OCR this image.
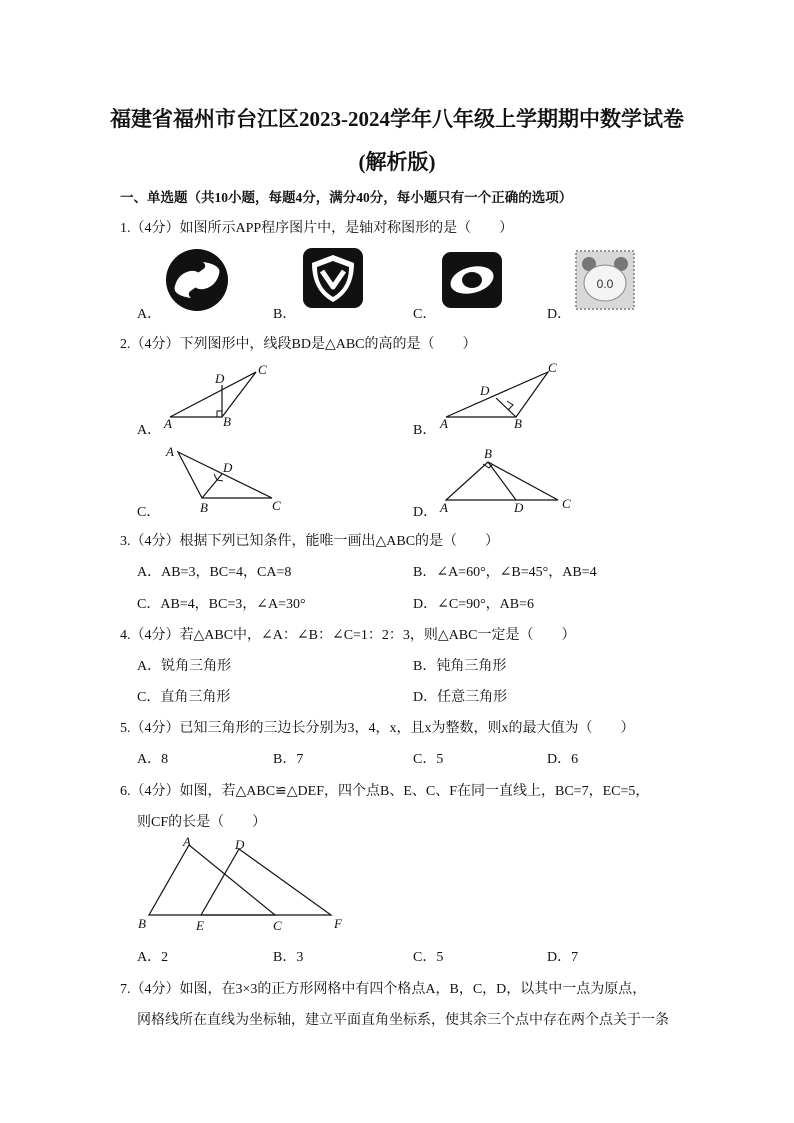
福建省福州市台江区2023-2024学年八年级上学期期中数学试卷
(解析版)
一、单选题（共10小题，每题4分，满分40分，每小题只有一个正确的选项）
1.（4分）如图所示APP程序图片中，是轴对称图形的是（　　）
A．	B．	C．	D．
0.0
2.（4分）下列图形中，线段BD是△ABC的高的是（　　）
A．	B．
C．	D．
A	B
C
D
A	B
C
D
A
B	C
D
A
B
C
D
3.（4分）根据下列已知条件，能唯一画出△ABC的是（　　）
A．AB=3，BC=4，CA=8	B．∠A=60°，∠B=45°，AB=4
C．AB=4，BC=3，∠A=30°	D．∠C=90°，AB=6
4.（4分）若△ABC中，∠A：∠B：∠C=1：2：3，则△ABC一定是（　　）
A．锐角三角形	B．钝角三角形
C．直角三角形	D．任意三角形
5.（4分）已知三角形的三边长分别为3，4，x，且x为整数，则x的最大值为（　　）
A．8	B．7	C．5	D．6
6.（4分）如图，若△ABC≌△DEF，四个点B、E、C、F在同一直线上，BC=7，EC=5，
则CF的长是（　　）
B	E	C	F
A	D
A．2	B．3	C．5	D．7
7.（4分）如图，在3×3的正方形网格中有四个格点A，B，C，D，以其中一点为原点，
网格线所在直线为坐标轴，建立平面直角坐标系，使其余三个点中存在两个点关于一条
